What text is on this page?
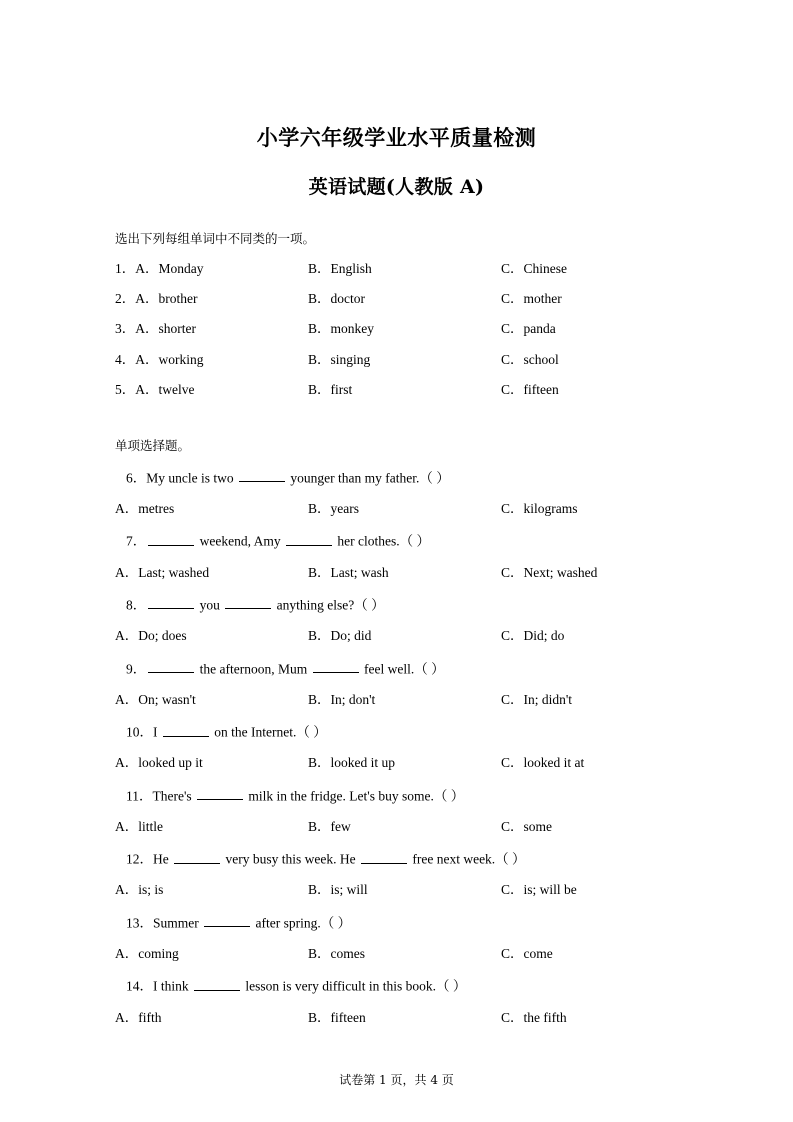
小学六年级学业水平质量检测
英语试题(人教版 A)
选出下列每组单词中不同类的一项。
1．A．Monday	B．English	C．Chinese
2．A．brother	B．doctor	C．mother
3．A．shorter	B．monkey	C．panda
4．A．working	B．singing	C．school
5．A．twelve	B．first	C．fifteen
单项选择题。
6．My uncle is two	younger than my father.（ ）
A．metres	B．years	C．kilograms
7．	weekend, Amy	her clothes.（ ）
A．Last; washed	B．Last; wash	C．Next; washed
8．	you	anything else?（ ）
A．Do; does	B．Do; did	C．Did; do
9．	the afternoon, Mum	feel well.（ ）
A．On; wasn't	B．In; don't	C．In; didn't
10．I	on the Internet.（ ）
A．looked up it	B．looked it up	C．looked it at
11．There's	milk in the fridge. Let's buy some.（ ）
A．little	B．few	C．some
12．He	very busy this week. He	free next week.（ ）
A．is; is	B．is; will	C．is; will be
13．Summer	after spring.（ ）
A．coming	B．comes	C．come
14．I think	lesson is very difficult in this book.（ ）
A．fifth	B．fifteen	C．the fifth
试卷第 1 页，共 4 页
